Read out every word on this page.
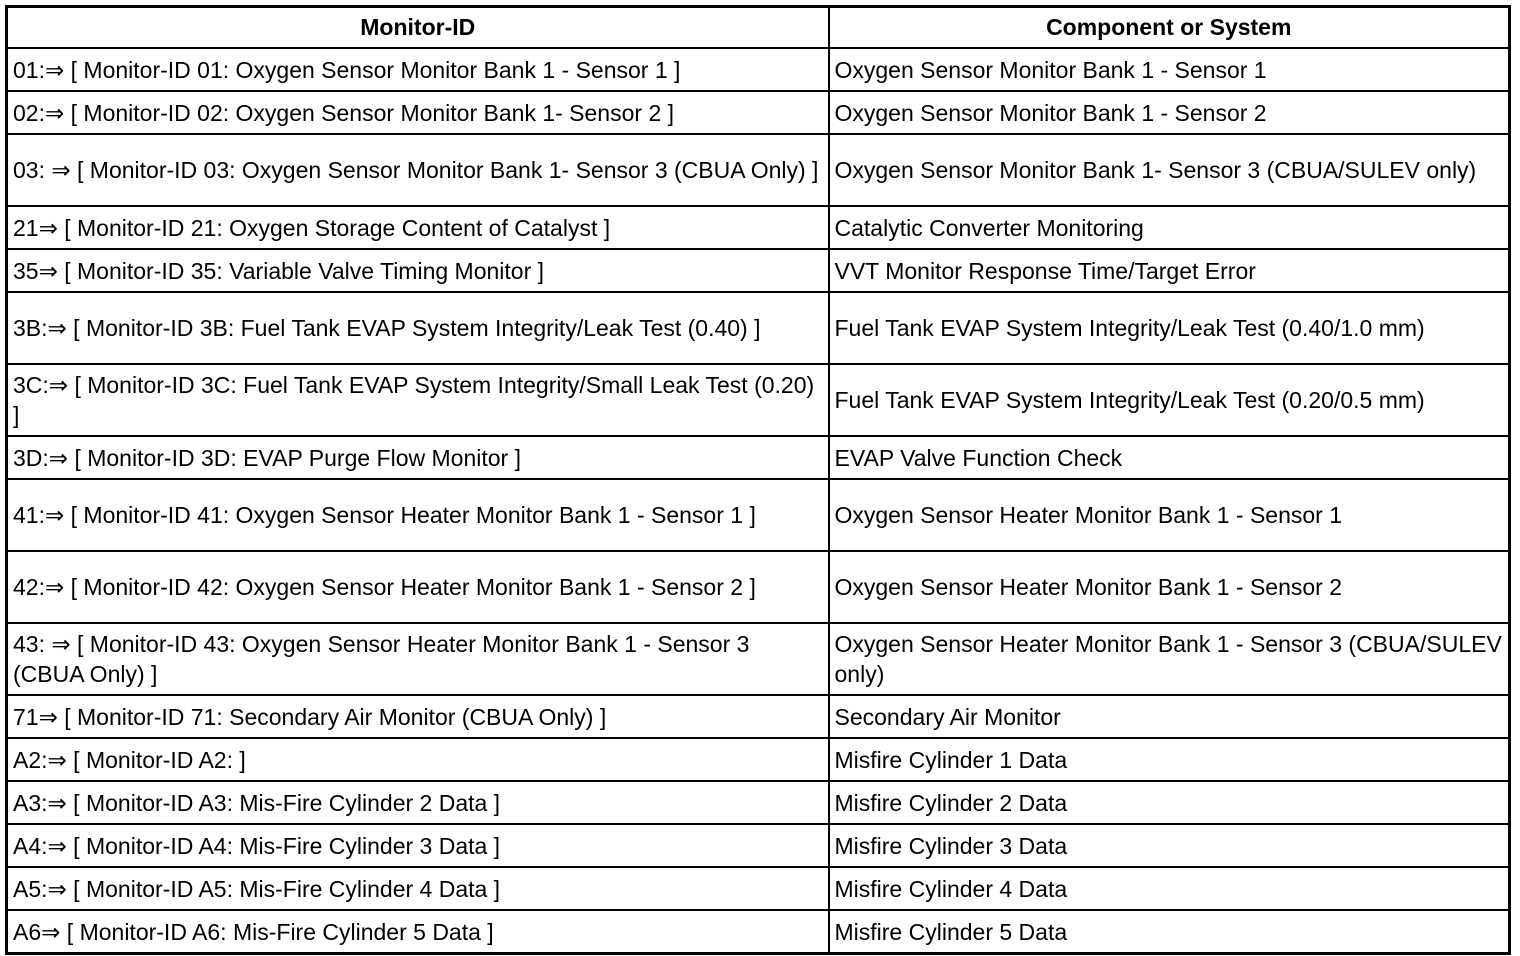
Monitor-ID	Component or System
01:⇒ [ Monitor-ID 01: Oxygen Sensor Monitor Bank 1 - Sensor 1 ]	Oxygen Sensor Monitor Bank 1 - Sensor 1
02:⇒ [ Monitor-ID 02: Oxygen Sensor Monitor Bank 1- Sensor 2 ]	Oxygen Sensor Monitor Bank 1 - Sensor 2
03: ⇒ [ Monitor-ID 03: Oxygen Sensor Monitor Bank 1- Sensor 3 (CBUA Only) ]	Oxygen Sensor Monitor Bank 1- Sensor 3 (CBUA/SULEV only)
21⇒ [ Monitor-ID 21: Oxygen Storage Content of Catalyst ]	Catalytic Converter Monitoring
35⇒ [ Monitor-ID 35: Variable Valve Timing Monitor ]	VVT Monitor Response Time/Target Error
3B:⇒ [ Monitor-ID 3B: Fuel Tank EVAP System Integrity/Leak Test (0.40) ]	Fuel Tank EVAP System Integrity/Leak Test (0.40/1.0 mm)
3C:⇒ [ Monitor-ID 3C: Fuel Tank EVAP System Integrity/Small Leak Test (0.20) ]	Fuel Tank EVAP System Integrity/Leak Test (0.20/0.5 mm)
3D:⇒ [ Monitor-ID 3D: EVAP Purge Flow Monitor ]	EVAP Valve Function Check
41:⇒ [ Monitor-ID 41: Oxygen Sensor Heater Monitor Bank 1 - Sensor 1 ]	Oxygen Sensor Heater Monitor Bank 1 - Sensor 1
42:⇒ [ Monitor-ID 42: Oxygen Sensor Heater Monitor Bank 1 - Sensor 2 ]	Oxygen Sensor Heater Monitor Bank 1 - Sensor 2
43: ⇒ [ Monitor-ID 43: Oxygen Sensor Heater Monitor Bank 1 - Sensor 3 (CBUA Only) ]	Oxygen Sensor Heater Monitor Bank 1 - Sensor 3 (CBUA/SULEV only)
71⇒ [ Monitor-ID 71: Secondary Air Monitor (CBUA Only) ]	Secondary Air Monitor
A2:⇒ [ Monitor-ID A2: ]	Misfire Cylinder 1 Data
A3:⇒ [ Monitor-ID A3: Mis-Fire Cylinder 2 Data ]	Misfire Cylinder 2 Data
A4:⇒ [ Monitor-ID A4: Mis-Fire Cylinder 3 Data ]	Misfire Cylinder 3 Data
A5:⇒ [ Monitor-ID A5: Mis-Fire Cylinder 4 Data ]	Misfire Cylinder 4 Data
A6⇒ [ Monitor-ID A6: Mis-Fire Cylinder 5 Data ]	Misfire Cylinder 5 Data
